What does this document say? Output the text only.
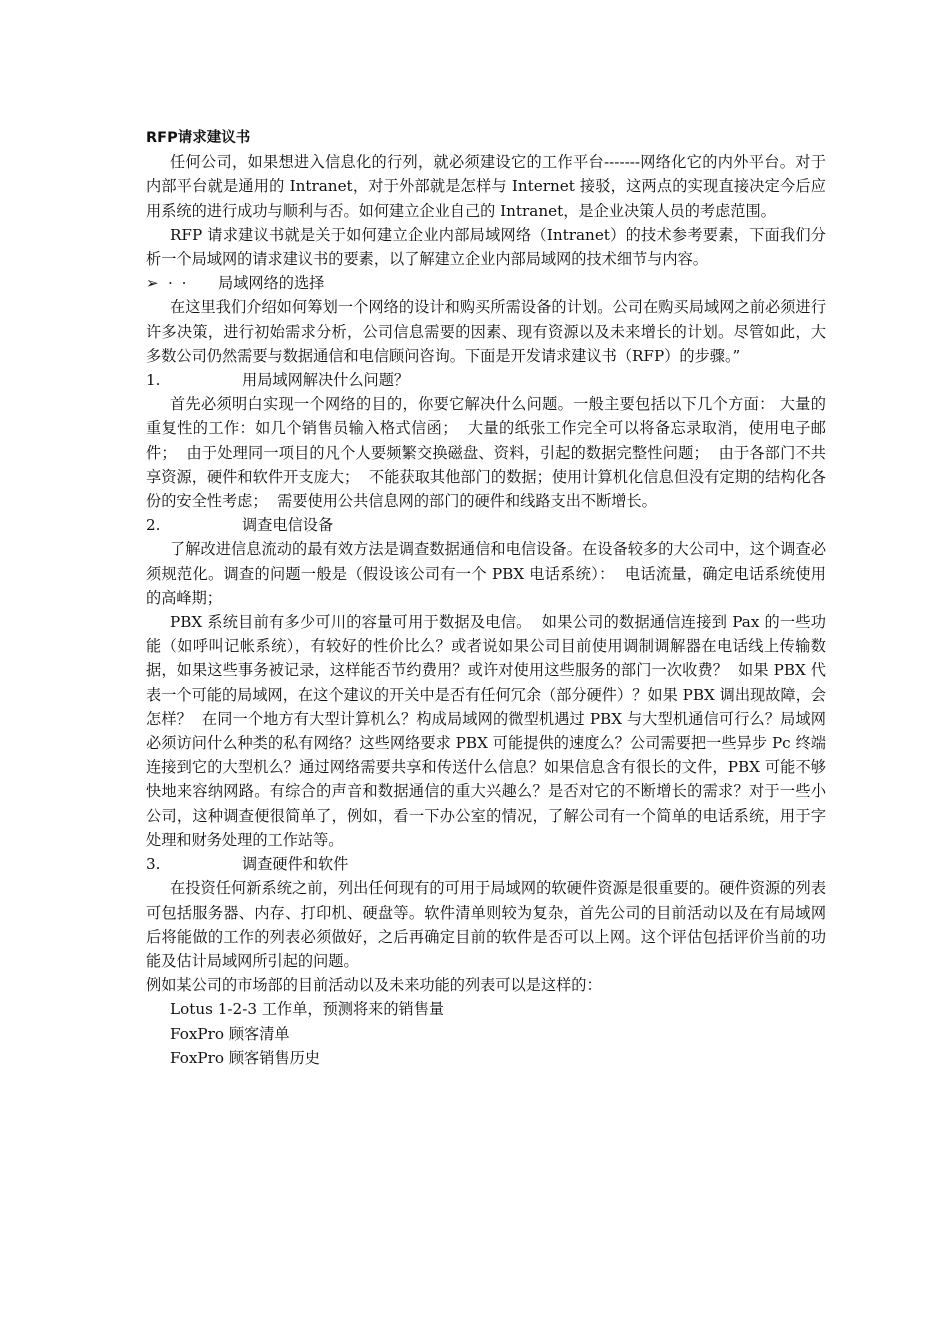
RFP请求建议书
任何公司，如果想进入信息化的行列，就必须建设它的工作平台-------网络化它的内外平台。对于内部平台就是通用的 Intranet，对于外部就是怎样与 Internet 接驳，这两点的实现直接决定今后应用系统的进行成功与顺利与否。如何建立企业自己的 Intranet，是企业决策人员的考虑范围。
RFP 请求建议书就是关于如何建立企业内部局域网络（Intranet）的技术参考要素，下面我们分析一个局域网的请求建议书的要素，以了解建立企业内部局域网的技术细节与内容。
➢ · ·	局域网络的选择
在这里我们介绍如何筹划一个网络的设计和购买所需设备的计划。公司在购买局域网之前必须进行许多决策，进行初始需求分析，公司信息需要的因素、现有资源以及未来增长的计划。尽管如此，大多数公司仍然需要与数据通信和电信顾问咨询。下面是开发请求建议书（RFP）的步骤。”
1.	用局域网解决什么问题？
首先必须明白实现一个网络的目的，你要它解决什么问题。一般主要包括以下几个方面： 大量的重复性的工作：如几个销售员输入格式信函；  大量的纸张工作完全可以将备忘录取消，使用电子邮件；  由于处理同一项目的凡个人要频繁交换磁盘、资料，引起的数据完整性问题；  由于各部门不共享资源，硬件和软件开支庞大；  不能获取其他部门的数据；使用计算机化信息但没有定期的结构化各份的安全性考虑；  需要使用公共信息网的部门的硬件和线路支出不断增长。
2.	调查电信设备
了解改进信息流动的最有效方法是调查数据通信和电信设备。在设备较多的大公司中，这个调查必须规范化。调查的问题一般是（假设该公司有一个 PBX 电话系统）：  电话流量，确定电话系统使用的高峰期；
PBX 系统目前有多少可川的容量可用于数据及电信。  如果公司的数据通信连接到 Pax 的一些功能（如呼叫记帐系统），有较好的性价比么？或者说如果公司目前使用调制调解器在电话线上传输数据，如果这些事务被记录，这样能否节约费用？或许对使用这些服务的部门一次收费？  如果 PBX 代表一个可能的局域网，在这个建议的开关中是否有任何冗余（部分硬件）？如果 PBX 调出现故障，会怎样？  在同一个地方有大型计算机么？构成局域网的微型机遇过 PBX 与大型机通信可行么？局域网必须访问什么种类的私有网络？这些网络要求 PBX 可能提供的速度么？公司需要把一些异步 Pc 终端连接到它的大型机么？通过网络需要共享和传送什么信息？如果信息含有很长的文件，PBX 可能不够快地来容纳网路。有综合的声音和数据通信的重大兴趣么？是否对它的不断增长的需求？对于一些小公司，这种调查便很简单了，例如，看一下办公室的情况，了解公司有一个简单的电话系统，用于字处理和财务处理的工作站等。
3.	调查硬件和软件
在投资任何新系统之前，列出任何现有的可用于局域网的软硬件资源是很重要的。硬件资源的列表可包括服务器、内存、打印机、硬盘等。软件清单则较为复杂，首先公司的目前活动以及在有局域网后将能做的工作的列表必须做好，之后再确定目前的软件是否可以上网。这个评估包括评价当前的功能及估计局域网所引起的问题。
例如某公司的市场部的目前活动以及未来功能的列表可以是这样的：
Lotus 1-2-3 工作单，预测将来的销售量
FoxPro 顾客清单
FoxPro 顾客销售历史
